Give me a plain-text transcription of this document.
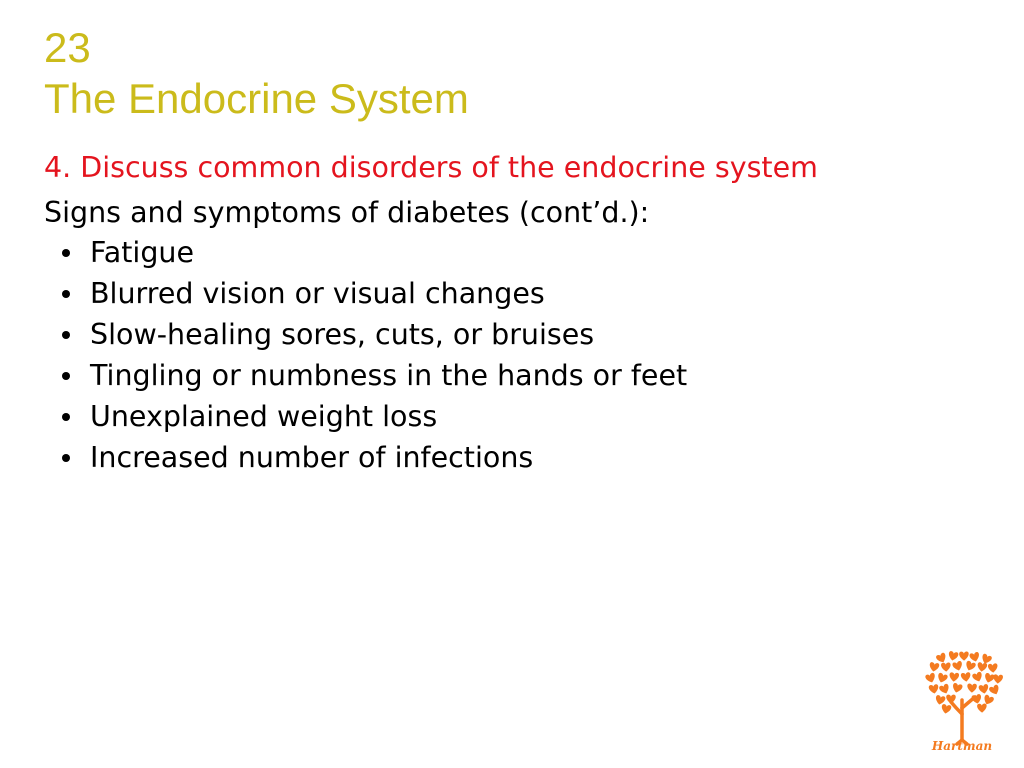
23
The Endocrine System
4. Discuss common disorders of the endocrine system
Signs and symptoms of diabetes (cont’d.):
Fatigue
Blurred vision or visual changes
Slow-healing sores, cuts, or bruises
Tingling or numbness in the hands or feet
Unexplained weight loss
Increased number of infections
Hartman
